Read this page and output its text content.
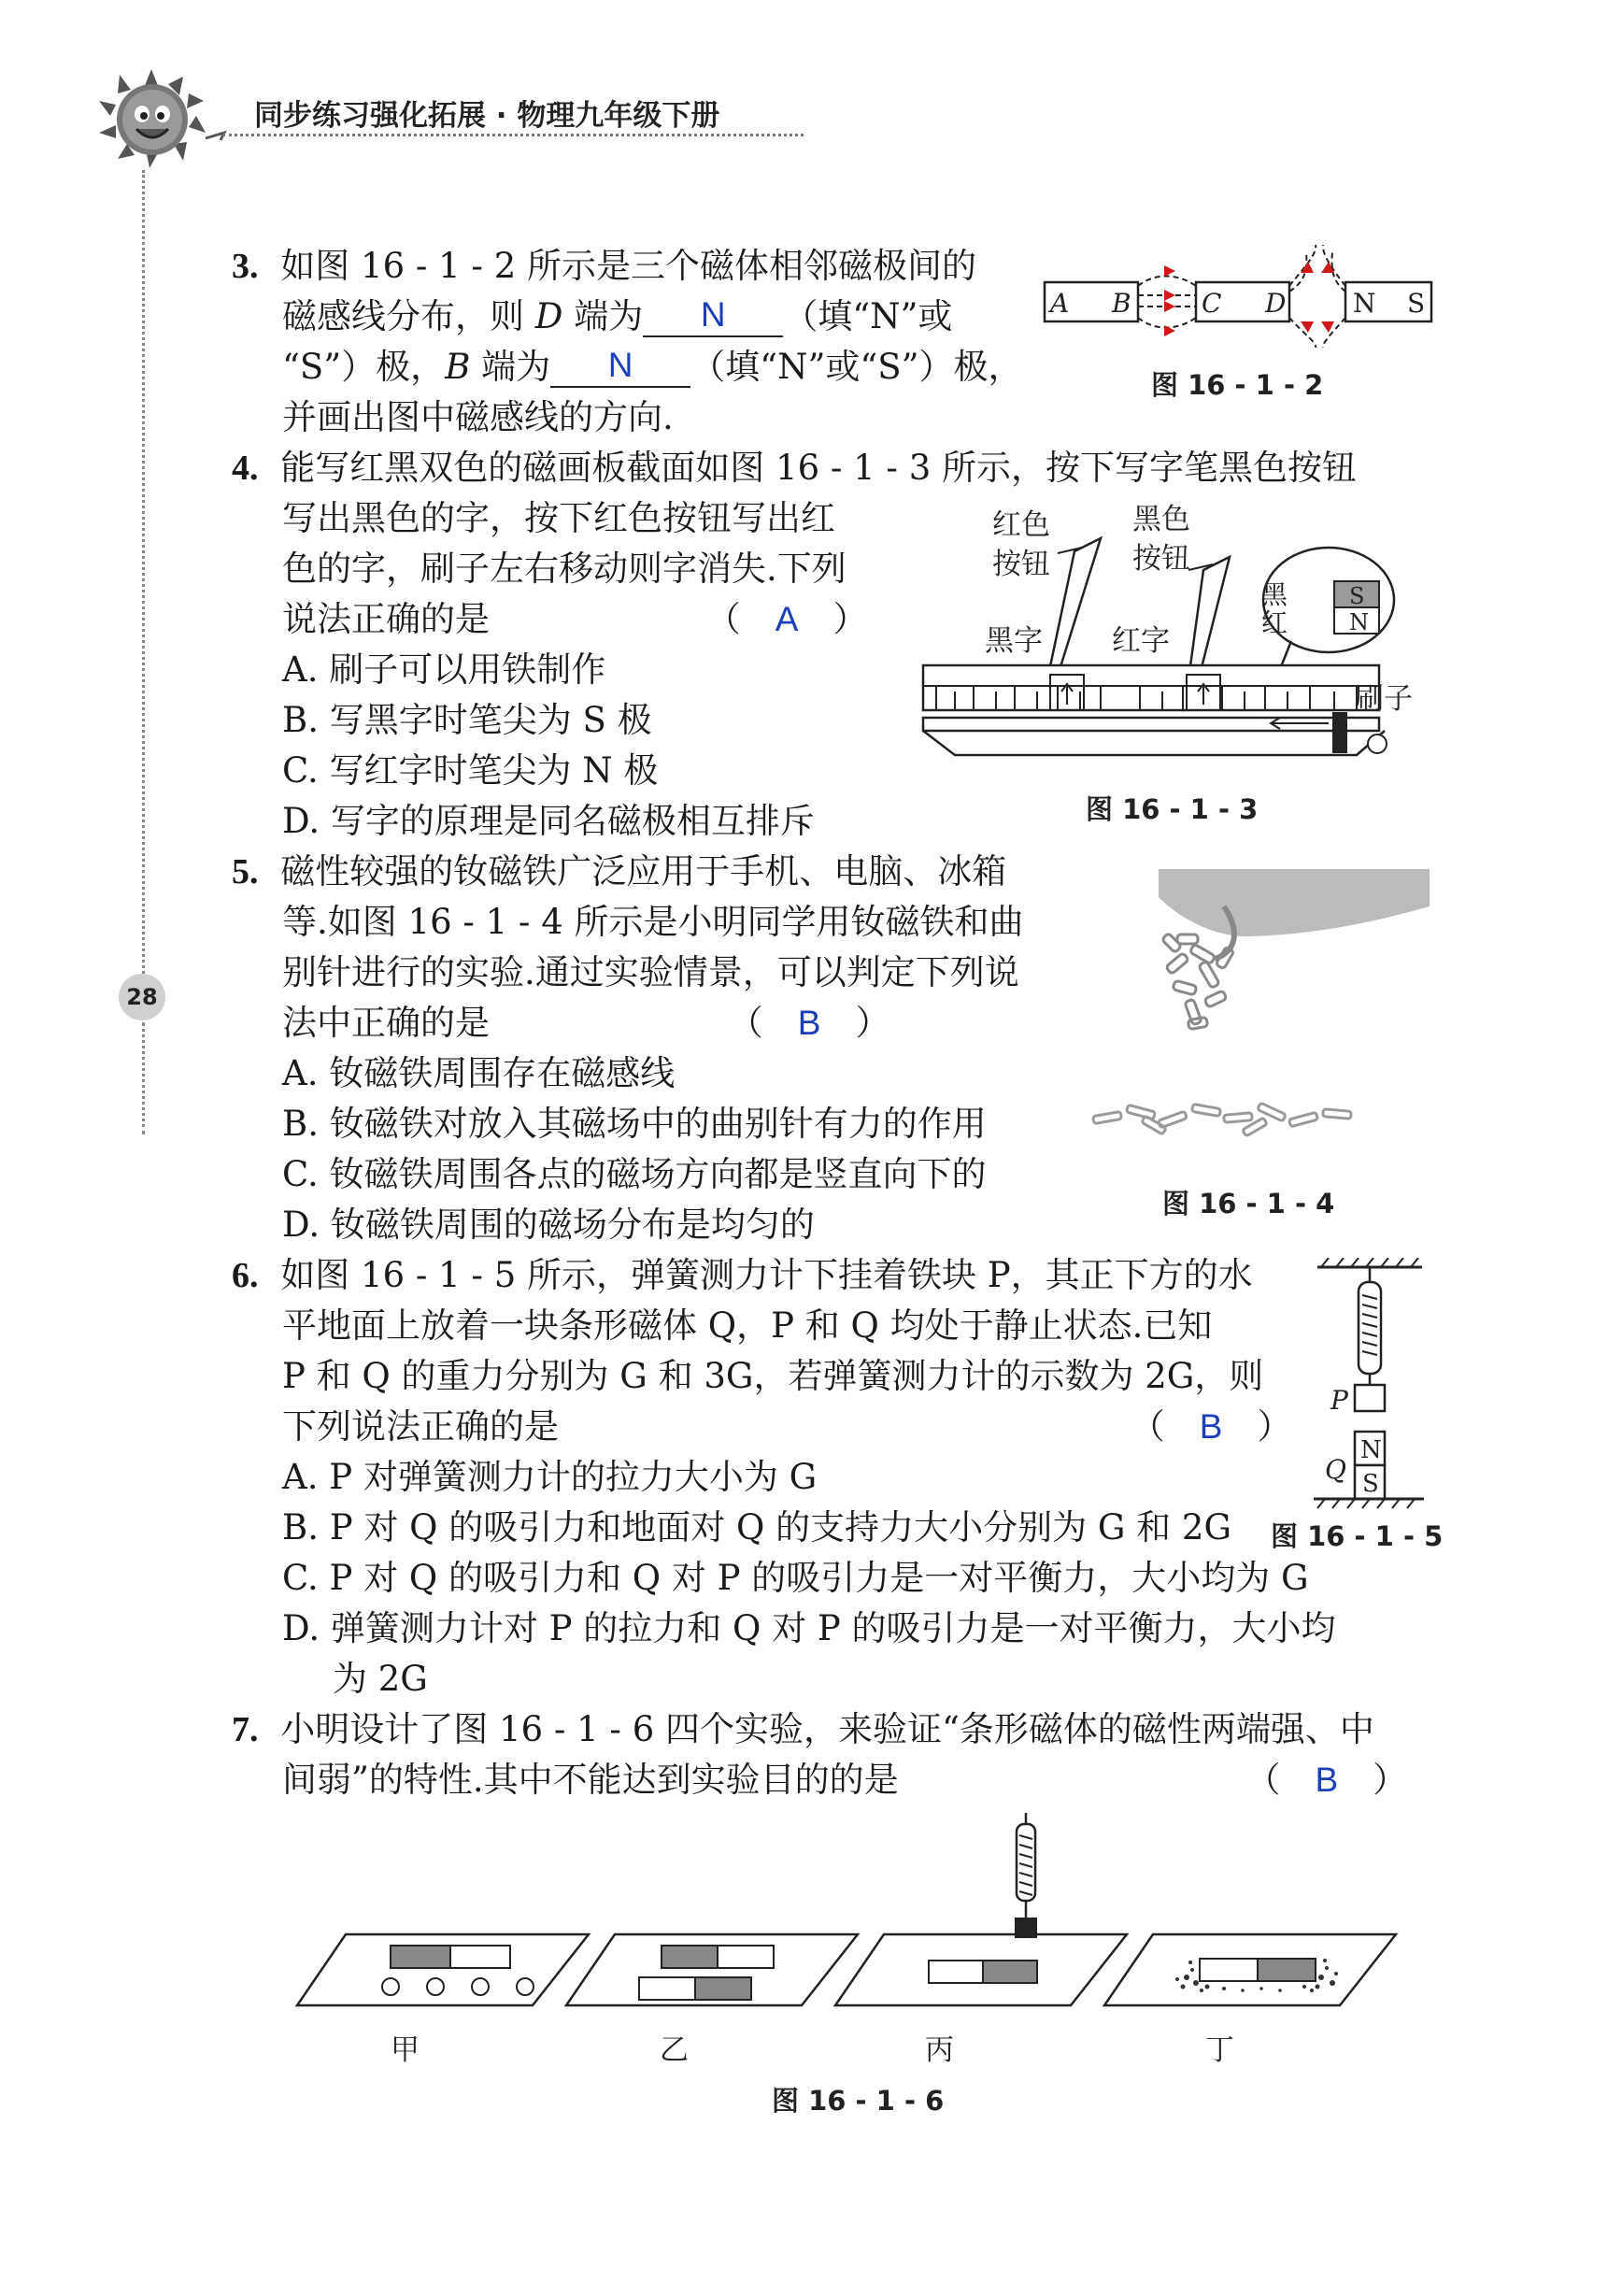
同步练习强化拓展 · 物理九年级下册
28
3. 如图 16 - 1 - 2 所示是三个磁体相邻磁极间的
磁感线分布，则 D 端为 N （填“N”或
“S”）极，B 端为 N （填“N”或“S”）极，
并画出图中磁感线的方向.
A B	C D	N S
图 16 - 1 - 2
4. 能写红黑双色的磁画板截面如图 16 - 1 - 3 所示，按下写字笔黑色按钮
写出黑色的字，按下红色按钮写出红
色的字，刷子左右移动则字消失.下列
说法正确的是	（　A　）
A. 刷子可以用铁制作
B. 写黑字时笔尖为 S 极
C. 写红字时笔尖为 N 极
D. 写字的原理是同名磁极相互排斥
S
N
黑
红
红色
按钮
黑色
按钮
黑字 红字
刷子
图 16 - 1 - 3
5. 磁性较强的钕磁铁广泛应用于手机、电脑、冰箱
等.如图 16 - 1 - 4 所示是小明同学用钕磁铁和曲
别针进行的实验.通过实验情景，可以判定下列说
法中正确的是	（　B　）
A. 钕磁铁周围存在磁感线
B. 钕磁铁对放入其磁场中的曲别针有力的作用
C. 钕磁铁周围各点的磁场方向都是竖直向下的
D. 钕磁铁周围的磁场分布是均匀的
图 16 - 1 - 4
6. 如图 16 - 1 - 5 所示，弹簧测力计下挂着铁块 P，其正下方的水
平地面上放着一块条形磁体 Q，P 和 Q 均处于静止状态.已知
P 和 Q 的重力分别为 G 和 3G，若弹簧测力计的示数为 2G，则
下列说法正确的是	（　B　）
A. P 对弹簧测力计的拉力大小为 G
B. P 对 Q 的吸引力和地面对 Q 的支持力大小分别为 G 和 2G
C. P 对 Q 的吸引力和 Q 对 P 的吸引力是一对平衡力，大小均为 G
D. 弹簧测力计对 P 的拉力和 Q 对 P 的吸引力是一对平衡力，大小均
为 2G
N
S
P
Q
图 16 - 1 - 5
7. 小明设计了图 16 - 1 - 6 四个实验，来验证“条形磁体的磁性两端强、中
间弱”的特性.其中不能达到实验目的的是	（　B　）
甲	乙	丙	丁
图 16 - 1 - 6
